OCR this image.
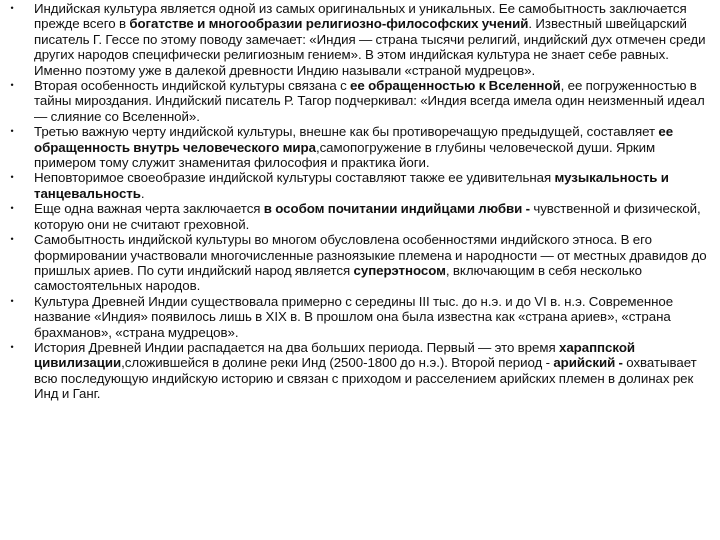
•	Индийская культура является одной из самых оригинальных и уникальных. Ее самобытность заключается прежде всего в богатстве и многообразии религиозно-философских учений. Известный швейцарский писатель Г. Гессе по этому поводу замечает: «Индия — страна тысячи религий, индийский дух отмечен среди других народов специфически религиозным гением». В этом индийская культура не знает себе равных. Именно поэтому уже в далекой древности Индию называли «страной мудрецов».
•	Вторая особенность индийской культуры связана с ее обращенностью к Вселенной, ее погруженностью в тайны мироздания. Индийский писатель Р. Тагор подчеркивал: «Индия всегда имела один неизменный идеал — слияние со Вселенной».
•	Третью важную черту индийской культуры, внешне как бы противоречащую предыдущей, составляет ее обращенность внутрь человеческого мира,самопогружение в глубины человеческой души. Ярким примером тому служит знаменитая философия и практика йоги.
•	Неповторимое своеобразие индийской культуры составляют также ее удивительная музыкальность и танцевальность.
•	Еще одна важная черта заключается в особом почитании индийцами любви - чувственной и физической, которую они не считают греховной.
•	Самобытность индийской культуры во многом обусловлена особенностями индийского этноса. В его формировании участвовали многочисленные разноязыкие племена и народности — от местных дравидов до пришлых ариев. По сути индийский народ является суперэтносом, включающим в себя несколько самостоятельных народов.
•	Культура Древней Индии существовала примерно с середины III тыс. до н.э. и до VI в. н.э. Современное название «Индия» появилось лишь в XIX в. В прошлом она была известна как «страна ариев», «страна брахманов», «страна мудрецов».
•	История Древней Индии распадается на два больших периода. Первый — это время хараппской цивилизации,сложившейся в долине реки Инд (2500-1800 до н.э.). Второй период - арийский - охватывает всю последующую индийскую историю и связан с приходом и расселением арийских племен в долинах рек Инд и Ганг.
